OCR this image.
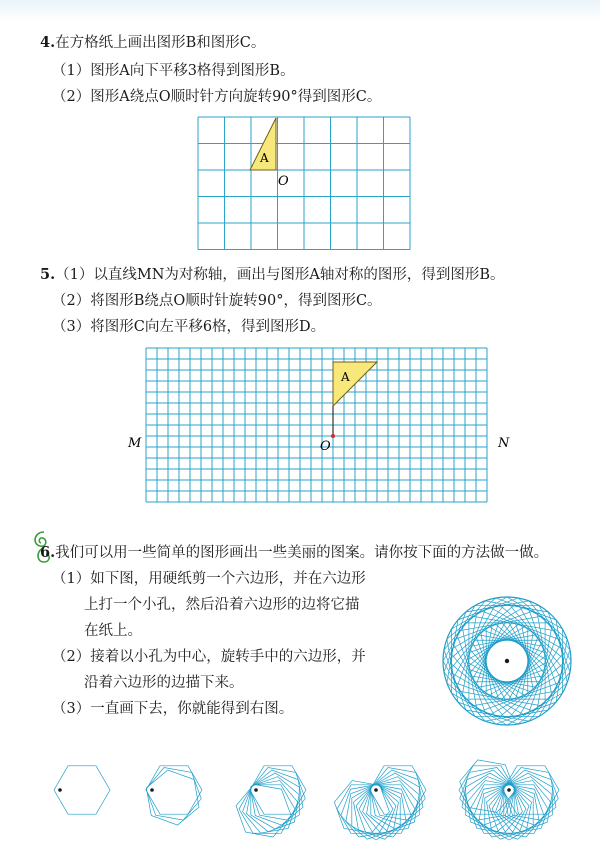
4.在方格纸上画出图形B和图形C。
（1）图形A向下平移3格得到图形B。
（2）图形A绕点O顺时针方向旋转90°得到图形C。
A
O
5.（1）以直线MN为对称轴，画出与图形A轴对称的图形，得到图形B。
（2）将图形B绕点O顺时针旋转90°，得到图形C。
（3）将图形C向左平移6格，得到图形D。
A
O
M	N
6.我们可以用一些简单的图形画出一些美丽的图案。请你按下面的方法做一做。
（1）如下图，用硬纸剪一个六边形，并在六边形
上打一个小孔，然后沿着六边形的边将它描
在纸上。
（2）接着以小孔为中心，旋转手中的六边形，并
沿着六边形的边描下来。
（3）一直画下去，你就能得到右图。
